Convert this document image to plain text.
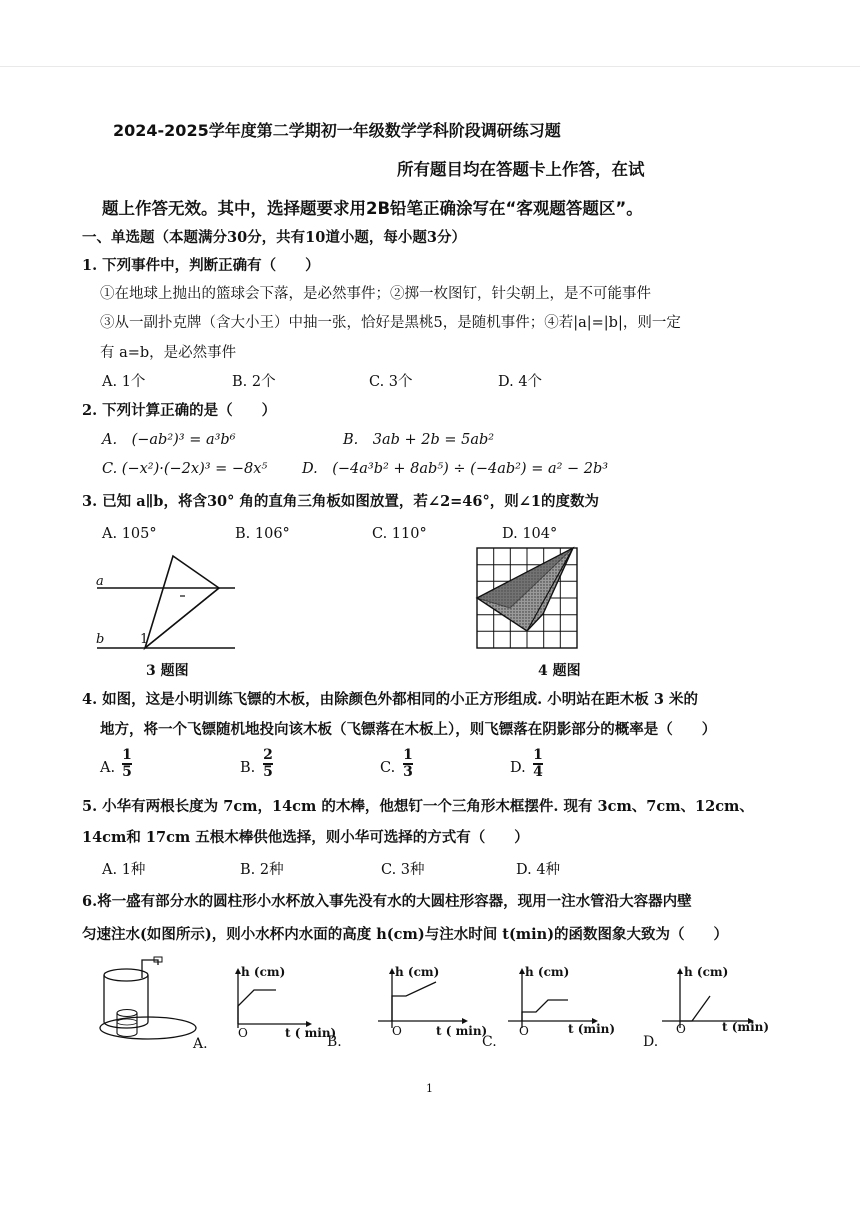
2024-2025学年度第二学期初一年级数学学科阶段调研练习题
所有题目均在答题卡上作答，在试
题上作答无效。其中，选择题要求用2B铅笔正确涂写在“客观题答题区”。
一、单选题（本题满分30分，共有10道小题，每小题3分）
1. 下列事件中，判断正确有（　　）
①在地球上抛出的篮球会下落，是必然事件；②掷一枚图钉，针尖朝上，是不可能事件
③从一副扑克牌（含大小王）中抽一张，恰好是黑桃5，是随机事件；④若|a|=|b|，则一定
有 a=b，是必然事件
A. 1个	B. 2个	C. 3个	D. 4个
2. 下列计算正确的是（　　）
A.　(−ab²)³ = a³b⁶	B.　3ab + 2b = 5ab²
C. (−x²)·(−2x)³ = −8x⁵ D.　(−4a³b² + 8ab⁵) ÷ (−4ab²) = a² − 2b³
3. 已知 a∥b，将含30° 角的直角三角板如图放置，若∠2=46°，则∠1的度数为
A. 105°	B. 106°	C. 110°	D. 104°
a
b	1
3 题图	4 题图
4. 如图，这是小明训练飞镖的木板，由除颜色外都相同的小正方形组成. 小明站在距木板 3 米的
地方，将一个飞镖随机地投向该木板（飞镖落在木板上），则飞镖落在阴影部分的概率是（　　）
A.
1
5	B.
2
5	C.
1
3	D.
1
4
5. 小华有两根长度为 7cm，14cm 的木棒，他想钉一个三角形木框摆件. 现有 3cm、7cm、12cm、
14cm和 17cm 五根木棒供他选择，则小华可选择的方式有（　　）
A. 1种	B. 2种	C. 3种	D. 4种
6.将一盛有部分水的圆柱形小水杯放入事先没有水的大圆柱形容器，现用一注水管沿大容器内壁
匀速注水(如图所示)，则小水杯内水面的高度 h(cm)与注水时间 t(min)的函数图象大致为（　　）
h (cm)
O	t ( min)
A.
h (cm)
O	t ( min)
B.
h (cm)
O	t (min)
C.
h (cm)
O	t (min)
D.
1
